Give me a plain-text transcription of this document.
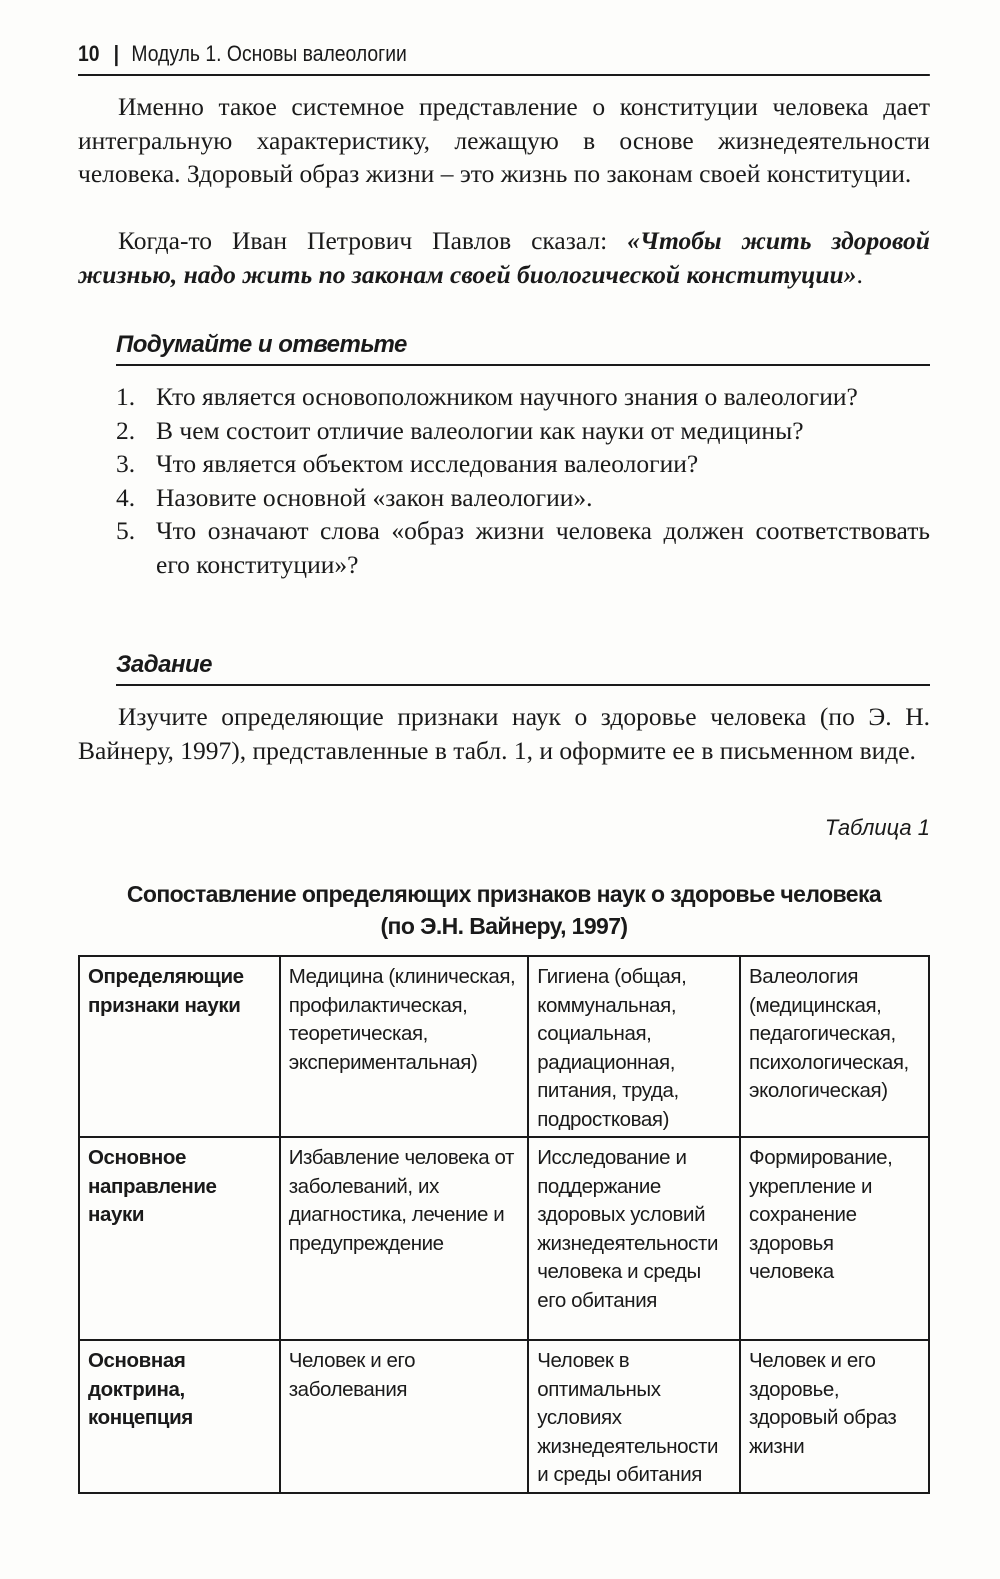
10 | Модуль 1. Основы валеологии

Именно такое системное представление о конституции человека дает интегральную характеристику, лежащую в основе жизнедеятельности человека. Здоровый образ жизни – это жизнь по законам своей конституции.

Когда-то Иван Петрович Павлов сказал: «Чтобы жить здоровой жизнью, надо жить по законам своей биологической конституции».

Подумайте и ответьте
1. Кто является основоположником научного знания о валеологии?
2. В чем состоит отличие валеологии как науки от медицины?
3. Что является объектом исследования валеологии?
4. Назовите основной «закон валеологии».
5. Что означают слова «образ жизни человека должен соответствовать его конституции»?
Задание

Изучите определяющие признаки наук о здоровье человека (по Э. Н. Вайнеру, 1997), представленные в табл. 1, и оформите ее в письменном виде.

Таблица 1
Сопоставление определяющих признаков наук о здоровье человека
(по Э.Н. Вайнеру, 1997)
Определяющие признаки науки	Медицина (клиническая, профилактическая, теоретическая, экспериментальная)	Гигиена (общая, коммунальная, социальная, радиационная, питания, труда, подростковая)	Валеология (медицинская, педагогическая, психологическая, экологическая)
Основное направление науки	Избавление человека от заболеваний, их диагностика, лечение и предупреждение	Исследование и поддержание здоровых условий жизнедеятельности человека и среды его обитания	Формирование, укрепление и сохранение здоровья человека
Основная доктрина, концепция	Человек и его заболевания	Человек в оптимальных условиях жизнедеятельности и среды обитания	Человек и его здоровье, здоровый образ жизни
